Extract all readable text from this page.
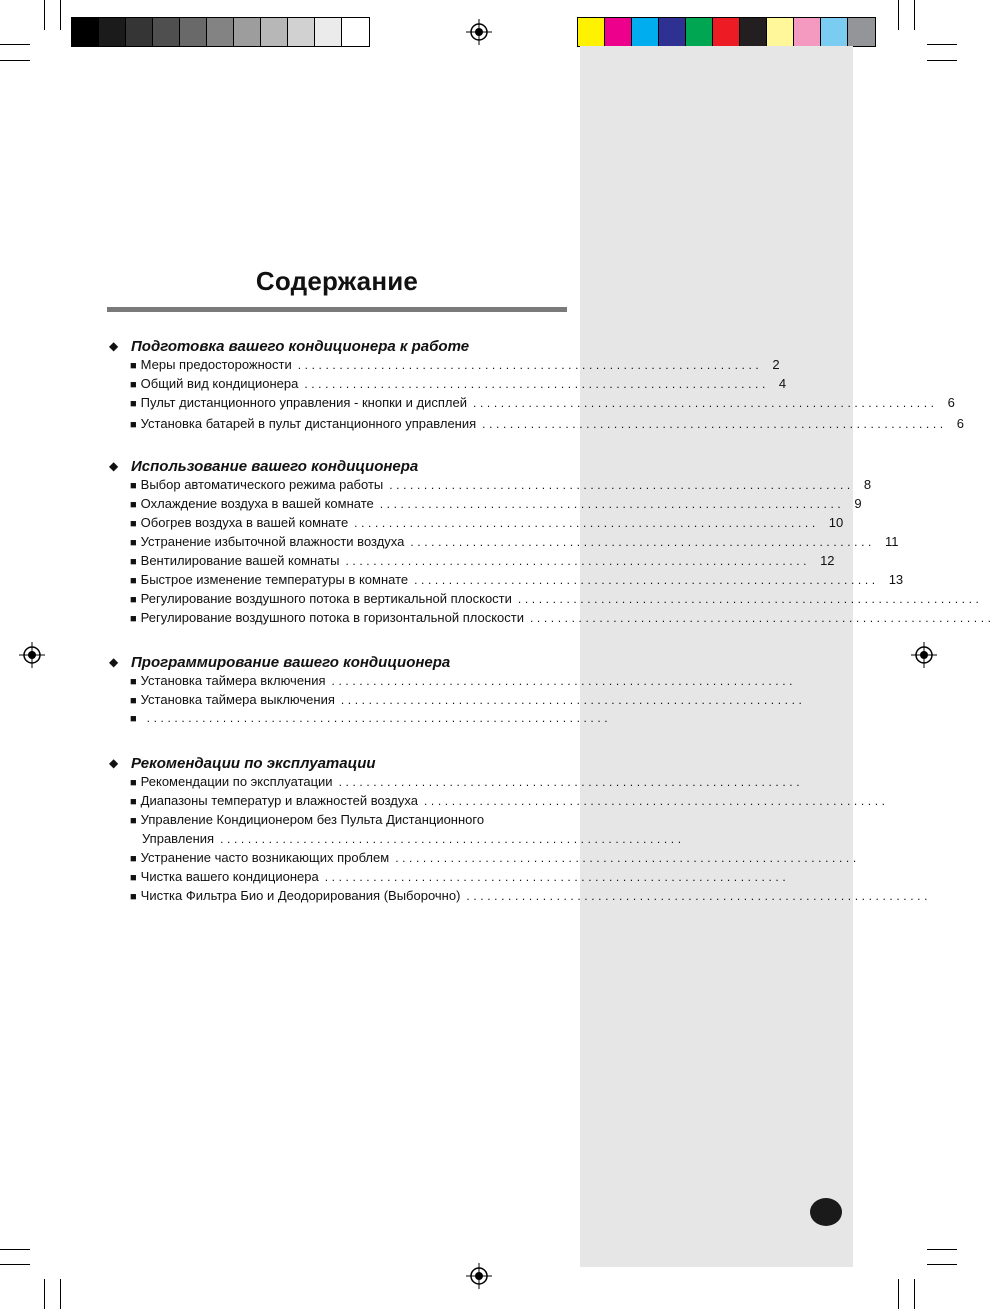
Содержание
◆ Подготовка вашего кондиционера к работе
■ Меры предосторожности ................................................................... 2
■ Общий вид кондиционера ................................................................... 4
■ Пульт дистанционного управления - кнопки и дисплей ................................................................... 6
■ Установка батарей в пульт дистанционного управления ................................................................... 6
◆ Использование вашего кондиционера
■ Выбор автоматического режима работы ................................................................... 8
■ Охлаждение воздуха в вашей комнате ................................................................... 9
■ Обогрев воздуха в вашей комнате ................................................................... 10
■ Устранение избыточной влажности воздуха ................................................................... 11
■ Вентилирование вашей комнаты ................................................................... 12
■ Быстрое изменение температуры в комнате ................................................................... 13
■ Регулирование воздушного потока в вертикальной плоскости ...................................................................
■ Регулирование воздушного потока в горизонтальной плоскости ...................................................................
◆ Программирование вашего кондиционера
■ Установка таймера включения ...................................................................
■ Установка таймера выключения ...................................................................
■ ...................................................................
◆ Рекомендации по эксплуатации
■ Рекомендации по эксплуатации ...................................................................
■ Диапазоны температур и влажностей воздуха ...................................................................
■ Управление Кондиционером без Пульта Дистанционного
Управления ...................................................................
■ Устранение часто возникающих проблем ...................................................................
■ Чистка вашего кондиционера ...................................................................
■ Чистка Фильтра Био и Деодорирования (Выборочно) ...................................................................
